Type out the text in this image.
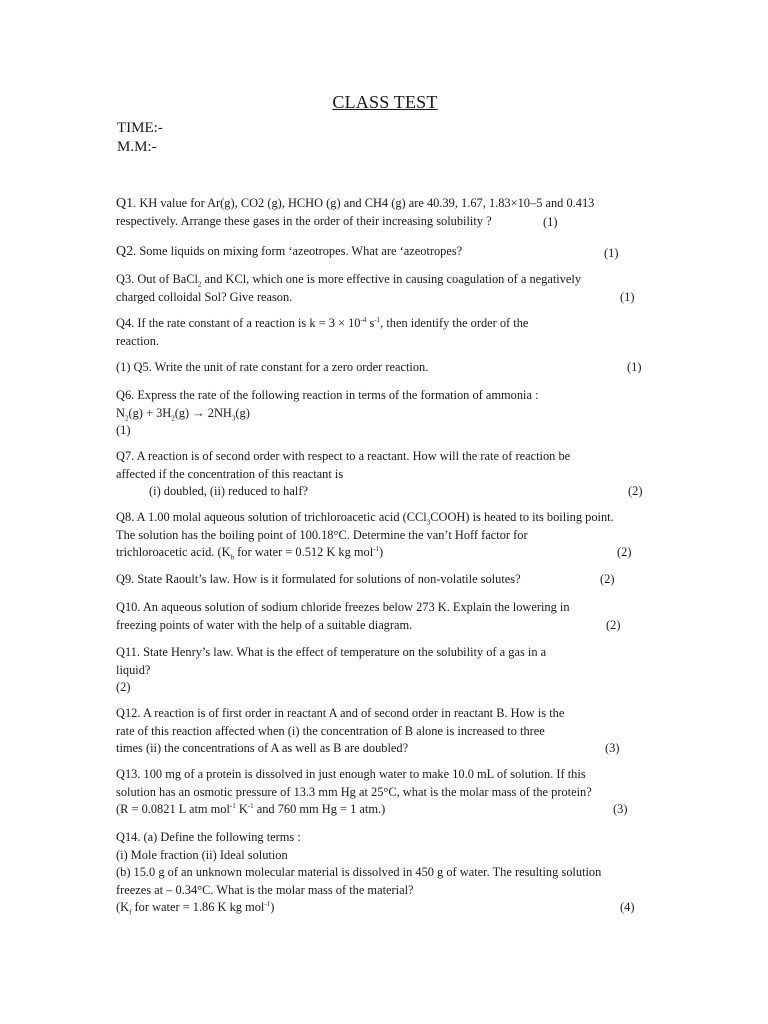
CLASS TEST
TIME:-
M.M:-
Q1. KH value for Ar(g), CO2 (g), HCHO (g) and CH4 (g) are 40.39, 1.67, 1.83×10–5 and 0.413
respectively. Arrange these gases in the order of their increasing solubility ?	(1)
Q2. Some liquids on mixing form ‘azeotropes. What are ‘azeotropes?	(1)
Q3. Out of BaCl$_2$ and KCl, which one is more effective in causing coagulation of a negatively
charged colloidal Sol? Give reason.	(1)
Q4. If the rate constant of a reaction is $k = 3 \times 10^{-4}$ $s^{-1}$, then identify the order of the
reaction.
(1) Q5. Write the unit of rate constant for a zero order reaction.	(1)
Q6. Express the rate of the following reaction in terms of the formation of ammonia :
$N_2(g) + 3H_2(g) \to 2NH_3(g)$
(1)
Q7. A reaction is of second order with respect to a reactant. How will the rate of reaction be
affected if the concentration of this reactant is
(i) doubled, (ii) reduced to half?	(2)
Q8. A 1.00 molal aqueous solution of trichloroacetic acid (CCl$_3$COOH) is heated to its boiling point.
The solution has the boiling point of 100.18°C. Determine the van’t Hoff factor for
trichloroacetic acid. ($K_b$ for water = 0.512 K kg mol$^{-1}$)	(2)
Q9. State Raoult’s law. How is it formulated for solutions of non-volatile solutes?	(2)
Q10. An aqueous solution of sodium chloride freezes below 273 K. Explain the lowering in
freezing points of water with the help of a suitable diagram.	(2)
Q11. State Henry’s law. What is the effect of temperature on the solubility of a gas in a
liquid?
(2)
Q12. A reaction is of first order in reactant A and of second order in reactant B. How is the
rate of this reaction affected when (i) the concentration of B alone is increased to three
times (ii) the concentrations of A as well as B are doubled?	(3)
Q13. 100 mg of a protein is dissolved in just enough water to make 10.0 mL of solution. If this
solution has an osmotic pressure of 13.3 mm Hg at 25°C, what is the molar mass of the protein?
(R = 0.0821 L atm mol$^{-1}$ $K^{-1}$ and 760 mm Hg = 1 atm.)	(3)
Q14. (a) Define the following terms :
(i) Mole fraction (ii) Ideal solution
(b) 15.0 g of an unknown molecular material is dissolved in 450 g of water. The resulting solution
freezes at – 0.34°C. What is the molar mass of the material?
($K_f$ for water = 1.86 K kg mol$^{-1}$)	(4)
